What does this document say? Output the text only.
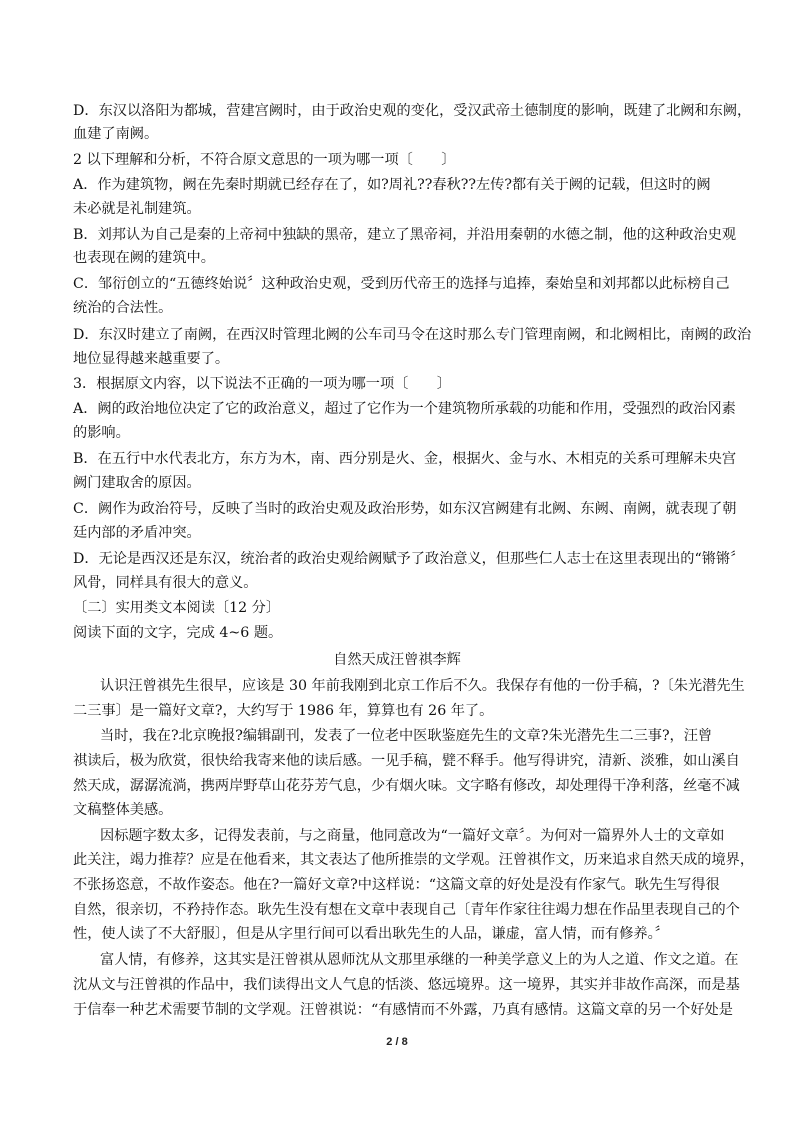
D．东汉以洛阳为都城，营建宫阙时，由于政治史观的变化，受汉武帝土德制度的影响，既建了北阙和东阙，
血建了南阙。
2 以下理解和分析，不符合原文意思的一项为哪一项〔　　〕
A．作为建筑物，阙在先秦时期就已经存在了，如?周礼??春秋??左传?都有关于阙的记载，但这时的阙
未必就是礼制建筑。
B．刘邦认为自己是秦的上帝祠中独缺的黑帝，建立了黑帝祠，并沿用秦朝的水德之制，他的这种政治史观
也表现在阙的建筑中。
C．邹衍创立的“五德终始说〞这种政治史观，受到历代帝王的选择与追捧，秦始皇和刘邦都以此标榜自己
统治的合法性。
D．东汉时建立了南阙，在西汉时管理北阙的公车司马令在这时那么专门管理南阙，和北阙相比，南阙的政治
地位显得越来越重要了。
3．根据原文内容，以下说法不正确的一项为哪一项〔　　〕
A．阙的政治地位决定了它的政治意义，超过了它作为一个建筑物所承载的功能和作用，受强烈的政治冈素
的影响。
B．在五行中水代表北方，东方为木，南、西分别是火、金，根据火、金与水、木相克的关系可理解未央宫
阙门建取舍的原因。
C．阙作为政治符号，反映了当时的政治史观及政治形势，如东汉宫阙建有北阙、东阙、南阙，就表现了朝
廷内部的矛盾冲突。
D．无论是西汉还是东汉，统治者的政治史观给阙赋予了政治意义，但那些仁人志士在这里表现出的“锵锵〞
风骨，同样具有很大的意义。
〔二〕实用类文本阅读〔12 分〕
阅读下面的文字，完成 4~6 题。
自然天成汪曾祺李辉
认识汪曾祺先生很早，应该是 30 年前我刚到北京工作后不久。我保存有他的一份手稿，?〔朱光潜先生
二三事〕是一篇好文章?，大约写于 1986 年，算算也有 26 年了。
当时，我在?北京晚报?编辑副刊，发表了一位老中医耿鉴庭先生的文章?朱光潜先生二三事?，汪曾
祺读后，极为欣赏，很快给我寄来他的读后感。一见手稿，甓不释手。他写得讲究，清新、淡雅，如山溪自
然天成，潺潺流淌，携两岸野草山花芬芳气息，少有烟火味。文字略有修改，却处理得干净利落，丝毫不减
文稿整体美感。
因标题字数太多，记得发表前，与之商量，他同意改为“一篇好文章〞。为何对一篇界外人士的文章如
此关注，竭力推荐？应是在他看来，其文表达了他所推崇的文学观。汪曾祺作文，历来追求自然天成的境界，
不张扬恣意，不故作姿态。他在?一篇好文章?中这样说：“这篇文章的好处是没有作家气。耿先生写得很
自然，很亲切，不矜持作态。耿先生没有想在文章中表现自己〔青年作家往往竭力想在作品里表现自己的个
性，使人读了不大舒服〕，但是从字里行间可以看出耿先生的人品，谦虚，富人情，而有修养。〞
富人情，有修养，这其实是汪曾祺从恩师沈从文那里承继的一种美学意义上的为人之道、作文之道。在
沈从文与汪曾祺的作品中，我们读得出文人气息的恬淡、悠远境界。这一境界，其实并非故作高深，而是基
于信奉一种艺术需要节制的文学观。汪曾祺说：“有感情而不外露，乃真有感情。这篇文章的另一个好处是
2 / 8
